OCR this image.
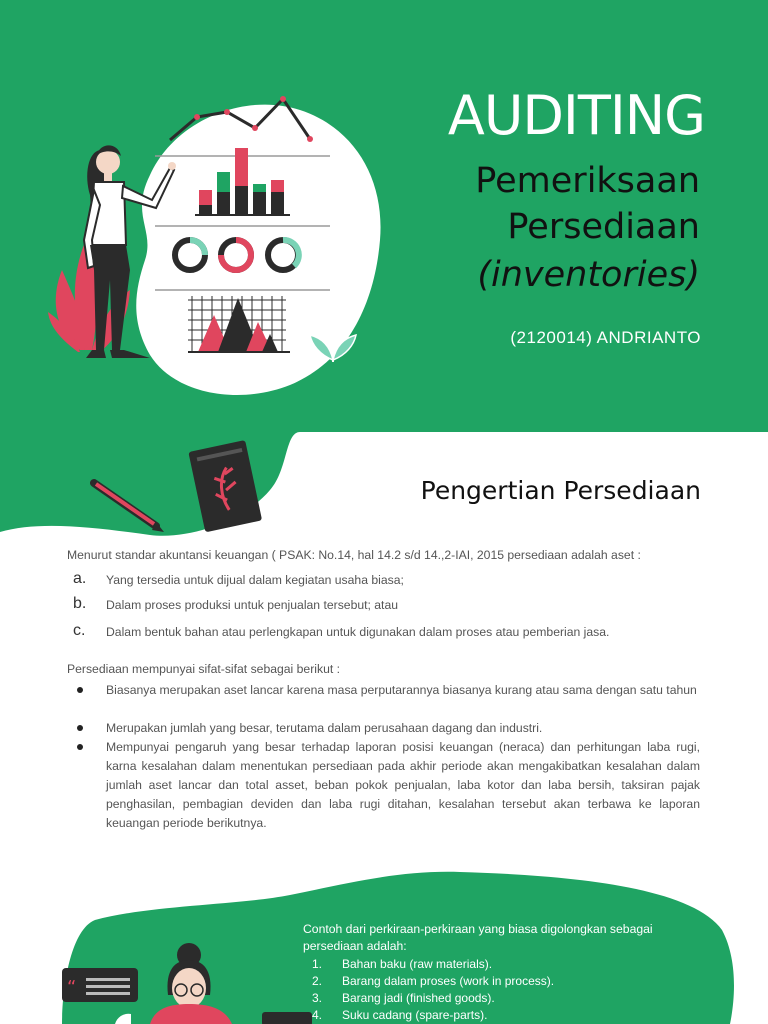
“
AUDITING
Pemeriksaan
Persediaan
(inventories)
(2120014) ANDRIANTO
Pengertian Persediaan
Menurut standar akuntansi keuangan ( PSAK: No.14, hal 14.2 s/d 14.,2-IAI, 2015 persediaan adalah aset :
a. Yang tersedia untuk dijual dalam kegiatan usaha biasa;
b. Dalam proses produksi untuk penjualan tersebut; atau
c. Dalam bentuk bahan atau perlengkapan untuk digunakan dalam proses atau pemberian jasa.
Persediaan mempunyai sifat-sifat sebagai berikut :
Biasanya merupakan aset lancar karena masa perputarannya biasanya kurang atau sama dengan satu tahun
Merupakan jumlah yang besar, terutama dalam perusahaan dagang dan industri.
Mempunyai pengaruh yang besar terhadap laporan posisi keuangan (neraca) dan perhitungan laba rugi, karna kesalahan dalam menentukan persediaan pada akhir periode akan mengakibatkan kesalahan dalam jumlah aset lancar dan total asset, beban pokok penjualan, laba kotor dan laba bersih, taksiran pajak penghasilan, pembagian deviden dan laba rugi ditahan, kesalahan tersebut akan terbawa ke laporan keuangan periode berikutnya.
Contoh dari perkiraan-perkiraan yang biasa digolongkan sebagai persediaan adalah:
1. Bahan baku (raw materials).
2. Barang dalam proses (work in process).
3. Barang jadi (finished goods).
4. Suku cadang (spare-parts).
